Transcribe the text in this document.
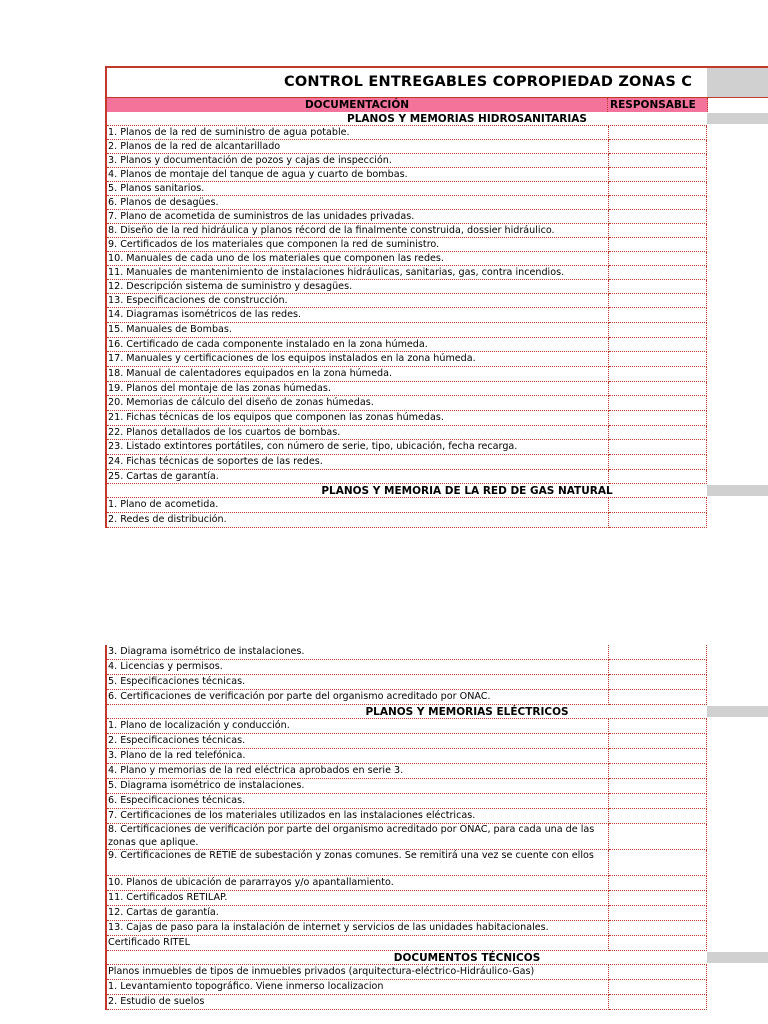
CONTROL ENTREGABLES COPROPIEDAD ZONAS C
DOCUMENTACIÓN	RESPONSABLE
PLANOS Y MEMORIAS HIDROSANITARIAS
1. Planos de la red de suministro de agua potable.
2. Planos de la red de alcantarillado
3. Planos y documentación de pozos y cajas de inspección.
4. Planos de montaje del tanque de agua y cuarto de bombas.
5. Planos sanitarios.
6. Planos de desagües.
7. Plano de acometida de suministros de las unidades privadas.
8. Diseño de la red hidráulica y planos récord de la finalmente construida, dossier hidráulico.
9. Certificados de los materiales que componen la red de suministro.
10. Manuales de cada uno de los materiales que componen las redes.
11. Manuales de mantenimiento de instalaciones hidráulicas, sanitarias, gas, contra incendios.
12. Descripción sistema de suministro y desagües.
13. Especificaciones de construcción.
14. Diagramas isométricos de las redes.
15. Manuales de Bombas.
16. Certificado de cada componente instalado en la zona húmeda.
17. Manuales y certificaciones de los equipos instalados en la zona húmeda.
18. Manual de calentadores equipados en la zona húmeda.
19. Planos del montaje de las zonas húmedas.
20. Memorias de cálculo del diseño de zonas húmedas.
21. Fichas técnicas de los equipos que componen las zonas húmedas.
22. Planos detallados de los cuartos de bombas.
23. Listado extintores portátiles, con número de serie, tipo, ubicación, fecha recarga.
24. Fichas técnicas de soportes de las redes.
25. Cartas de garantía.
PLANOS Y MEMORIA DE LA RED DE GAS NATURAL
1. Plano de acometida.
2. Redes de distribución.
3. Diagrama isométrico de instalaciones.
4. Licencias y permisos.
5. Especificaciones técnicas.
6. Certificaciones de verificación por parte del organismo acreditado por ONAC.
PLANOS Y MEMORIAS ELÉCTRICOS
1. Plano de localización y conducción.
2. Especificaciones técnicas.
3. Plano de la red telefónica.
4. Plano y memorias de la red eléctrica aprobados en serie 3.
5. Diagrama isométrico de instalaciones.
6. Especificaciones técnicas.
7. Certificaciones de los materiales utilizados en las instalaciones eléctricas.
8. Certificaciones de verificación por parte del organismo acreditado por ONAC, para cada una de las zonas que aplique.
9. Certificaciones de RETIE de subestación y zonas comunes. Se remitirá una vez se cuente con ellos
10. Planos de ubicación de pararrayos y/o apantallamiento.
11. Certificados RETILAP.
12. Cartas de garantía.
13. Cajas de paso para la instalación de internet y servicios de las unidades habitacionales.
Certificado RITEL
DOCUMENTOS TÉCNICOS
Planos inmuebles de tipos de inmuebles privados (arquitectura-eléctrico-Hidráulico-Gas)
1. Levantamiento topográfico. Viene inmerso localizacion
2. Estudio de suelos
